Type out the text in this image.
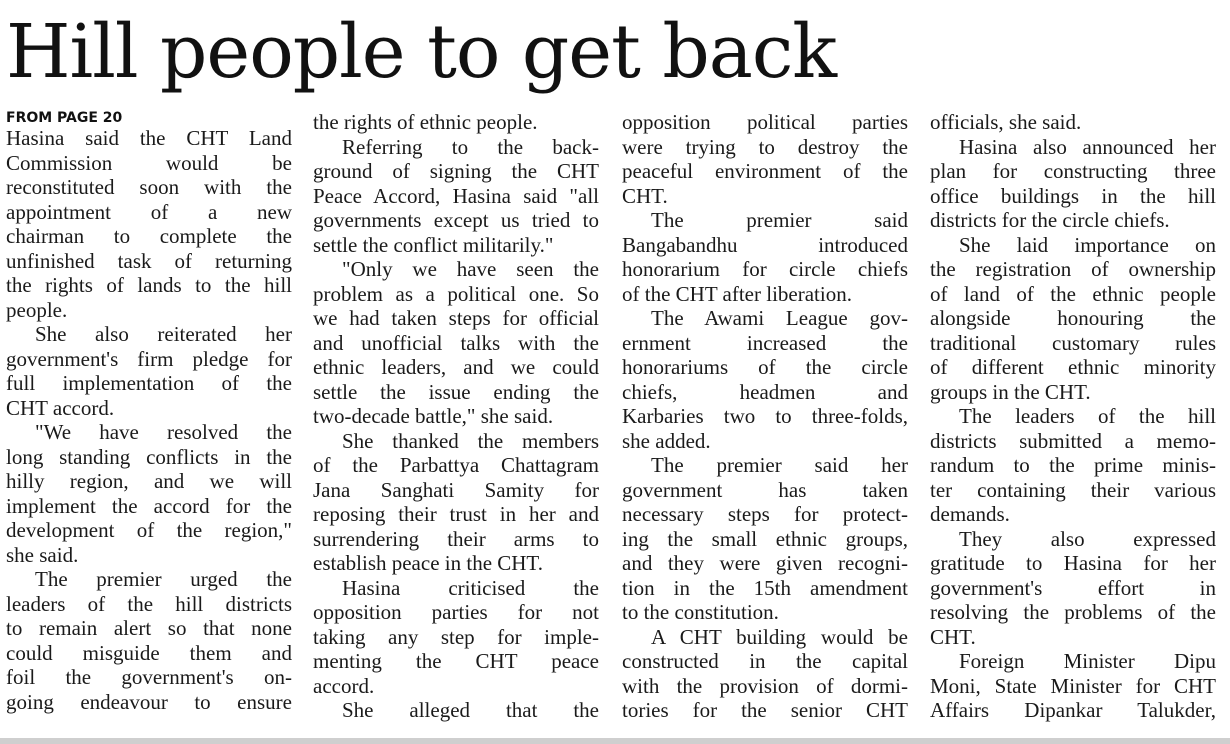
Hill people to get back
FROM PAGE 20
Hasina said the CHT Land
Commission would be
reconstituted soon with the
appointment of a new
chairman to complete the
unfinished task of returning
the rights of lands to the hill
people.
She also reiterated her
government's firm pledge for
full implementation of the
CHT accord.
"We have resolved the
long standing conflicts in the
hilly region, and we will
implement the accord for the
development of the region,"
she said.
The premier urged the
leaders of the hill districts
to remain alert so that none
could misguide them and
foil the government's on-
going endeavour to ensure
the rights of ethnic people.
Referring to the back-
ground of signing the CHT
Peace Accord, Hasina said "all
governments except us tried to
settle the conflict militarily."
"Only we have seen the
problem as a political one. So
we had taken steps for official
and unofficial talks with the
ethnic leaders, and we could
settle the issue ending the
two-decade battle," she said.
She thanked the members
of the Parbattya Chattagram
Jana Sanghati Samity for
reposing their trust in her and
surrendering their arms to
establish peace in the CHT.
Hasina criticised the
opposition parties for not
taking any step for imple-
menting the CHT peace
accord.
She alleged that the
opposition political parties
were trying to destroy the
peaceful environment of the
CHT.
The premier said
Bangabandhu introduced
honorarium for circle chiefs
of the CHT after liberation.
The Awami League gov-
ernment increased the
honorariums of the circle
chiefs, headmen and
Karbaries two to three-folds,
she added.
The premier said her
government has taken
necessary steps for protect-
ing the small ethnic groups,
and they were given recogni-
tion in the 15th amendment
to the constitution.
A CHT building would be
constructed in the capital
with the provision of dormi-
tories for the senior CHT
officials, she said.
Hasina also announced her
plan for constructing three
office buildings in the hill
districts for the circle chiefs.
She laid importance on
the registration of ownership
of land of the ethnic people
alongside honouring the
traditional customary rules
of different ethnic minority
groups in the CHT.
The leaders of the hill
districts submitted a memo-
randum to the prime minis-
ter containing their various
demands.
They also expressed
gratitude to Hasina for her
government's effort in
resolving the problems of the
CHT.
Foreign Minister Dipu
Moni, State Minister for CHT
Affairs Dipankar Talukder,
